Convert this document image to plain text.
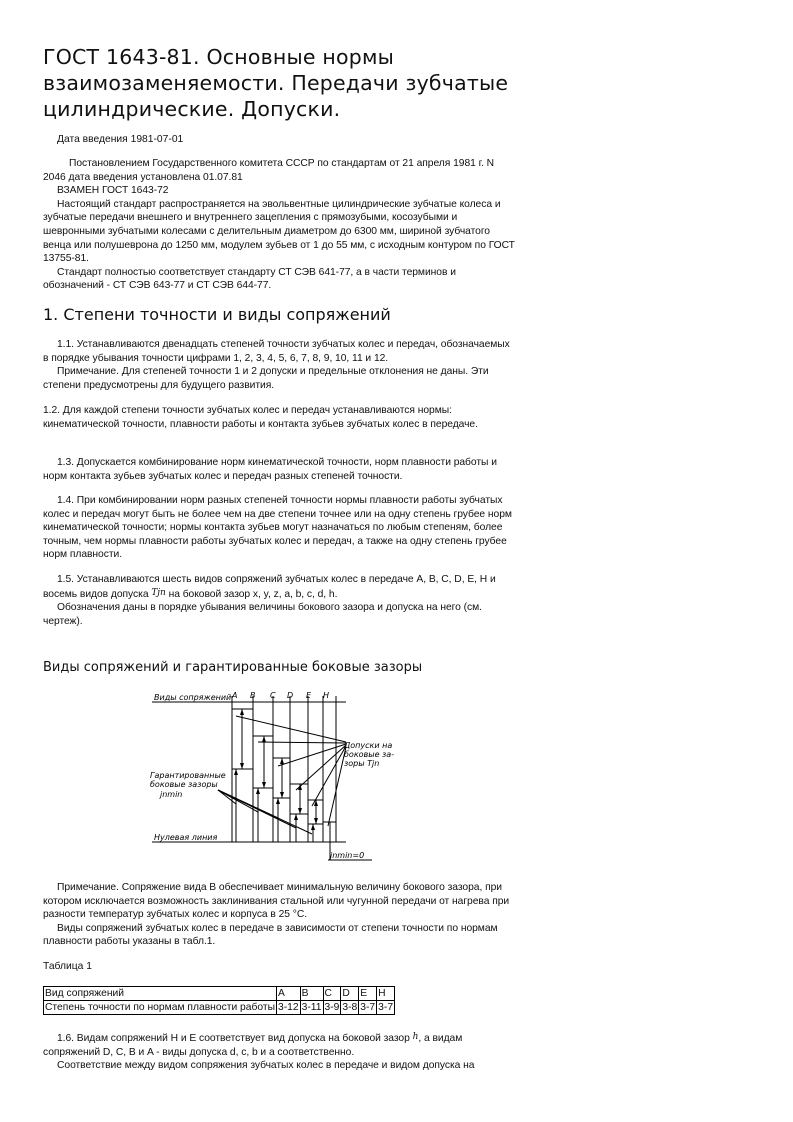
ГОСТ 1643-81. Основные нормы взаимозаменяемости. Передачи зубчатые цилиндрические. Допуски.
Дата введения 1981-07-01

Постановлением Государственного комитета СССР по стандартам от 21 апреля 1981 г. N 2046 дата введения установлена 01.07.81

ВЗАМЕН ГОСТ 1643-72

Настоящий стандарт распространяется на эвольвентные цилиндрические зубчатые колеса и зубчатые передачи внешнего и внутреннего зацепления с прямозубыми, косозубыми и шевронными зубчатыми колесами с делительным диаметром до 6300 мм, шириной зубчатого венца или полушеврона до 1250 мм, модулем зубьев от 1 до 55 мм, с исходным контуром по ГОСТ 13755-81.

Стандарт полностью соответствует стандарту СТ СЭВ 641-77, а в части терминов и обозначений - СТ СЭВ 643-77 и СТ СЭВ 644-77.

1. Степени точности и виды сопряжений

1.1. Устанавливаются двенадцать степеней точности зубчатых колес и передач, обозначаемых в порядке убывания точности цифрами 1, 2, 3, 4, 5, 6, 7, 8, 9, 10, 11 и 12.

Примечание. Для степеней точности 1 и 2 допуски и предельные отклонения не даны. Эти степени предусмотрены для будущего развития.

1.2. Для каждой степени точности зубчатых колес и передач устанавливаются нормы: кинематической точности, плавности работы и контакта зубьев зубчатых колес в передаче.

1.3. Допускается комбинирование норм кинематической точности, норм плавности работы и норм контакта зубьев зубчатых колес и передач разных степеней точности.

1.4. При комбинировании норм разных степеней точности нормы плавности работы зубчатых колес и передач могут быть не более чем на две степени точнее или на одну степень грубее норм кинематической точности; нормы контакта зубьев могут назначаться по любым степеням, более точным, чем нормы плавности работы зубчатых колес и передач, а также на одну степень грубее норм плавности.

1.5. Устанавливаются шесть видов сопряжений зубчатых колес в передаче A, B, C, D, E, H и восемь видов допуска Tjn на боковой зазор x, y, z, a, b, c, d, h.

Обозначения даны в порядке убывания величины бокового зазора и допуска на него (см. чертеж).

Виды сопряжений и гарантированные боковые зазоры
Виды сопряжений A B C D E H
Допуски на
боковые за-
зоры Tjn
Гарантированные
боковые зазоры
jnmin
Нулевая линия
jnmin=0

Примечание. Сопряжение вида B обеспечивает минимальную величину бокового зазора, при котором исключается возможность заклинивания стальной или чугунной передачи от нагрева при разности температур зубчатых колес и корпуса в 25 °С.

Виды сопряжений зубчатых колес в передаче в зависимости от степени точности по нормам плавности работы указаны в табл.1.

Таблица 1
Вид сопряжений	A	B	C	D	E	H
Степень точности по нормам плавности работы	3-12	3-11	3-9	3-8	3-7	3-7

1.6. Видам сопряжений H и E соответствует вид допуска на боковой зазор h, а видам сопряжений D, C, B и A - виды допуска d, c, b и a соответственно.

Соответствие между видом сопряжения зубчатых колес в передаче и видом допуска на
